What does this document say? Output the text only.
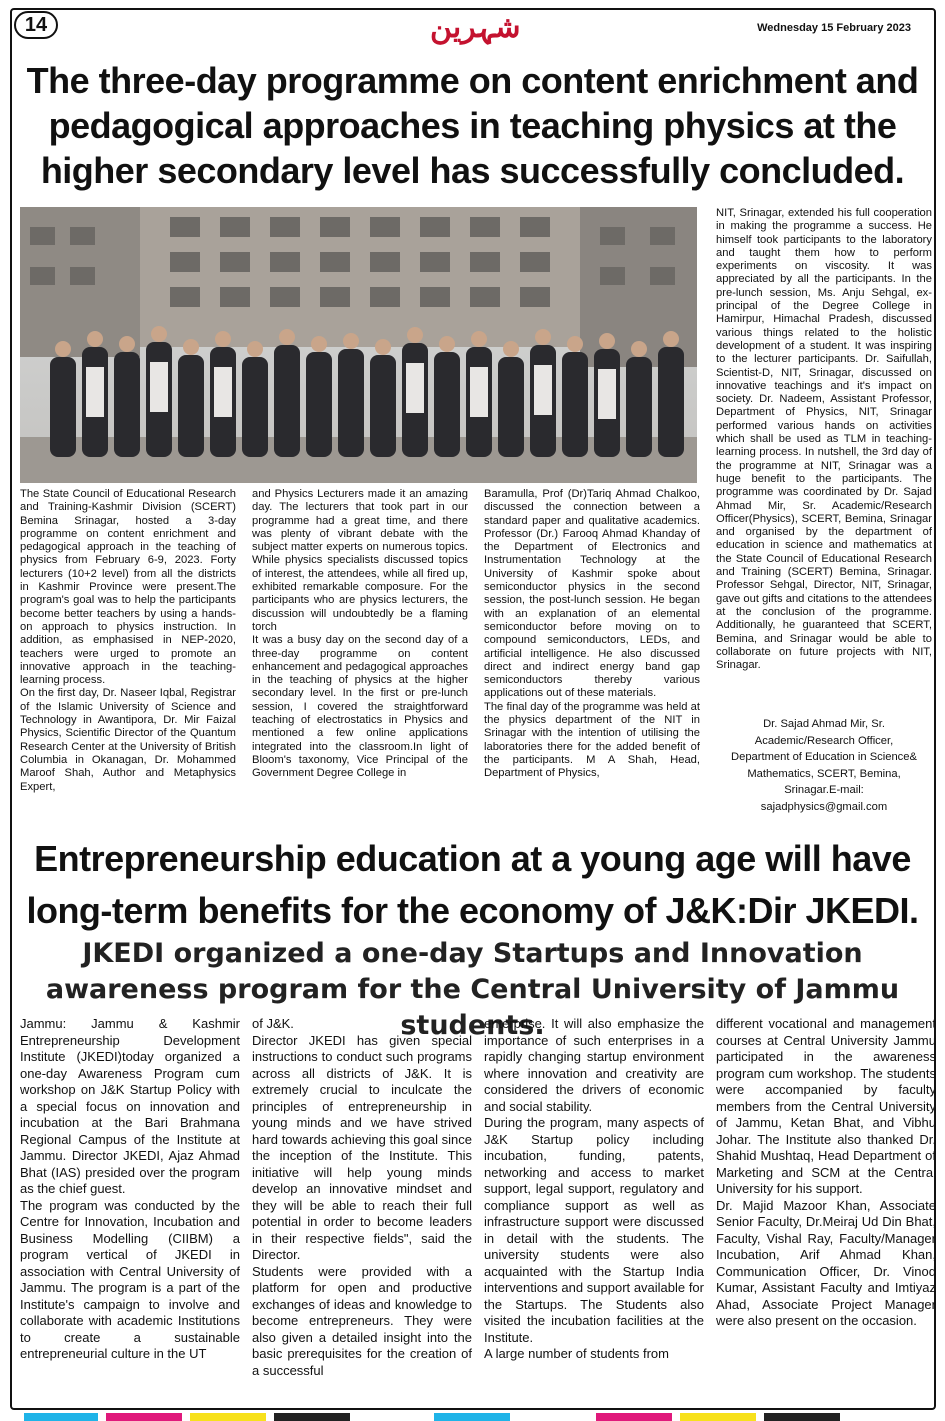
14	شہرین	Wednesday 15 February 2023
The three-day programme on content enrichment and pedagogical approaches in teaching physics at the higher secondary level has successfully concluded.

The State Council of Educational Research and Training-Kashmir Division (SCERT) Bemina Srinagar, hosted a 3-day programme on content enrichment and pedagogical approach in the teaching of physics from February 6-9, 2023. Forty lecturers (10+2 level) from all the districts in Kashmir Province were present.The program's goal was to help the participants become better teachers by using a hands-on approach to physics instruction. In addition, as emphasised in NEP-2020, teachers were urged to promote an innovative approach in the teaching-learning process.

On the first day, Dr. Naseer Iqbal, Registrar of the Islamic University of Science and Technology in Awantipora, Dr. Mir Faizal Physics, Scientific Director of the Quantum Research Center at the University of British Columbia in Okanagan, Dr. Mohammed Maroof Shah, Author and Metaphysics Expert,

and Physics Lecturers made it an amazing day. The lecturers that took part in our programme had a great time, and there was plenty of vibrant debate with the subject matter experts on numerous topics. While physics specialists discussed topics of interest, the attendees, while all fired up, exhibited remarkable composure. For the participants who are physics lecturers, the discussion will undoubtedly be a flaming torch

It was a busy day on the second day of a three-day programme on content enhancement and pedagogical approaches in the teaching of physics at the higher secondary level. In the first or pre-lunch session, I covered the straightforward teaching of electrostatics in Physics and mentioned a few online applications integrated into the classroom.In light of Bloom's taxonomy, Vice Principal of the Government Degree College in

Baramulla, Prof (Dr)Tariq Ahmad Chalkoo, discussed the connection between a standard paper and qualitative academics. Professor (Dr.) Farooq Ahmad Khanday of the Department of Electronics and Instrumentation Technology at the University of Kashmir spoke about semiconductor physics in the second session, the post-lunch session. He began with an explanation of an elemental semiconductor before moving on to compound semiconductors, LEDs, and artificial intelligence. He also discussed direct and indirect energy band gap semiconductors thereby various applications out of these materials.

The final day of the programme was held at the physics department of the NIT in Srinagar with the intention of utilising the laboratories there for the added benefit of the participants. M A Shah, Head, Department of Physics,

NIT, Srinagar, extended his full cooperation in making the programme a success. He himself took participants to the laboratory and taught them how to perform experiments on viscosity. It was appreciated by all the participants. In the pre-lunch session, Ms. Anju Sehgal, ex-principal of the Degree College in Hamirpur, Himachal Pradesh, discussed various things related to the holistic development of a student. It was inspiring to the lecturer participants. Dr. Saifullah, Scientist-D, NIT, Srinagar, discussed on innovative teachings and it's impact on society. Dr. Nadeem, Assistant Professor, Department of Physics, NIT, Srinagar performed various hands on activities which shall be used as TLM in teaching-learning process. In nutshell, the 3rd day of the programme at NIT, Srinagar was a huge benefit to the participants. The programme was coordinated by Dr. Sajad Ahmad Mir, Sr. Academic/Research Officer(Physics), SCERT, Bemina, Srinagar and organised by the department of education in science and mathematics at the State Council of Educational Research and Training (SCERT) Bemina, Srinagar. Professor Sehgal, Director, NIT, Srinagar, gave out gifts and citations to the attendees at the conclusion of the programme. Additionally, he guaranteed that SCERT, Bemina, and Srinagar would be able to collaborate on future projects with NIT, Srinagar.

Dr. Sajad Ahmad Mir, Sr.

Academic/Research Officer,

Department of Education in Science&

Mathematics, SCERT, Bemina,

Srinagar.E-mail:

sajadphysics@gmail.com

Entrepreneurship education at a young age will have long-term benefits for the economy of J&K:Dir JKEDI.
JKEDI organized a one-day Startups and Innovation awareness program for the Central University of Jammu students.

Jammu: Jammu & Kashmir Entrepreneurship Development Institute (JKEDI)today organized a one-day Awareness Program cum workshop on J&K Startup Policy with a special focus on innovation and incubation at the Bari Brahmana Regional Campus of the Institute at Jammu. Director JKEDI, Ajaz Ahmad Bhat (IAS) presided over the program as the chief guest.

The program was conducted by the Centre for Innovation, Incubation and Business Modelling (CIIBM) a program vertical of JKEDI in association with Central University of Jammu. The program is a part of the Institute's campaign to involve and collaborate with academic Institutions to create a sustainable entrepreneurial culture in the UT

of J&K.

Director JKEDI has given special instructions to conduct such programs across all districts of J&K. It is extremely crucial to inculcate the principles of entrepreneurship in young minds and we have strived hard towards achieving this goal since the inception of the Institute. This initiative will help young minds develop an innovative mindset and they will be able to reach their full potential in order to become leaders in their respective fields", said the Director.

Students were provided with a platform for open and productive exchanges of ideas and knowledge to become entrepreneurs. They were also given a detailed insight into the basic prerequisites for the creation of a successful

enterprise. It will also emphasize the importance of such enterprises in a rapidly changing startup environment where innovation and creativity are considered the drivers of economic and social stability.

During the program, many aspects of J&K Startup policy including incubation, funding, patents, networking and access to market support, legal support, regulatory and compliance support as well as infrastructure support were discussed in detail with the students. The university students were also acquainted with the Startup India interventions and support available for the Startups. The Students also visited the incubation facilities at the Institute.

A large number of students from

different vocational and management courses at Central University Jammu participated in the awareness program cum workshop. The students were accompanied by faculty members from the Central University of Jammu, Ketan Bhat, and Vibhu Johar. The Institute also thanked Dr. Shahid Mushtaq, Head Department of Marketing and SCM at the Central University for his support.

Dr. Majid Mazoor Khan, Associate Senior Faculty, Dr.Meiraj Ud Din Bhat, Faculty, Vishal Ray, Faculty/Manager Incubation, Arif Ahmad Khan, Communication Officer, Dr. Vinod Kumar, Assistant Faculty and Imtiyaz Ahad, Associate Project Manager were also present on the occasion.
